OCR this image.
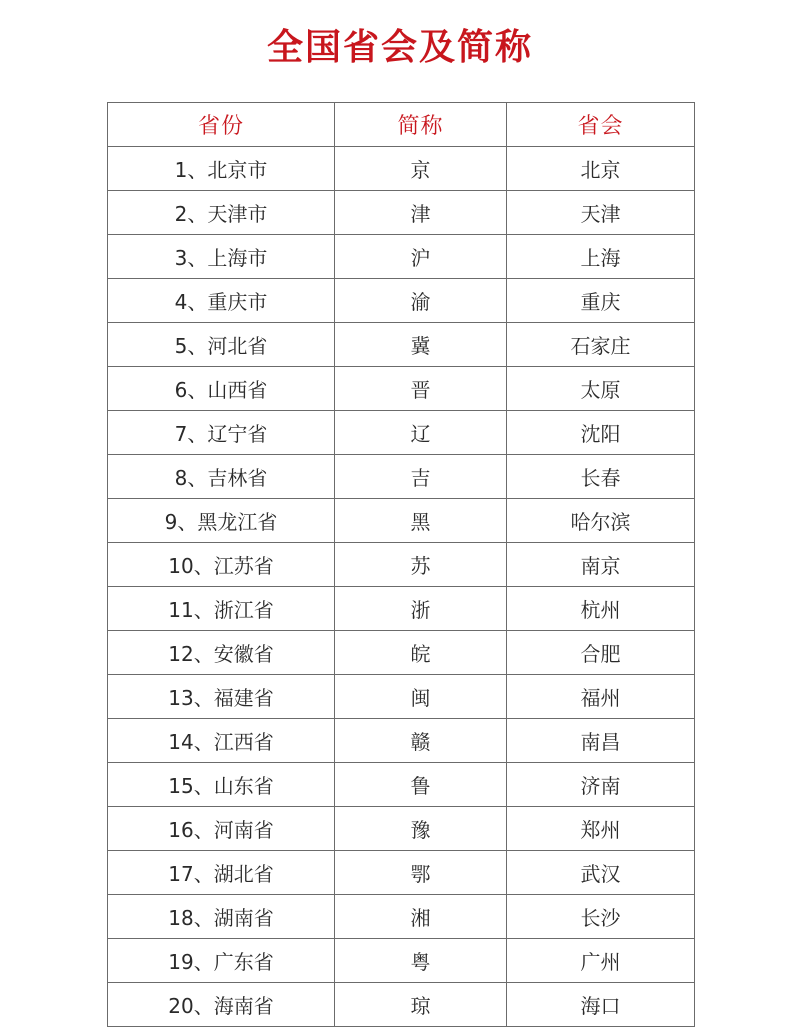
全国省会及简称
省份	简称	省会
1、北京市	京	北京
2、天津市	津	天津
3、上海市	沪	上海
4、重庆市	渝	重庆
5、河北省	冀	石家庄
6、山西省	晋	太原
7、辽宁省	辽	沈阳
8、吉林省	吉	长春
9、黑龙江省	黑	哈尔滨
10、江苏省	苏	南京
11、浙江省	浙	杭州
12、安徽省	皖	合肥
13、福建省	闽	福州
14、江西省	赣	南昌
15、山东省	鲁	济南
16、河南省	豫	郑州
17、湖北省	鄂	武汉
18、湖南省	湘	长沙
19、广东省	粤	广州
20、海南省	琼	海口
